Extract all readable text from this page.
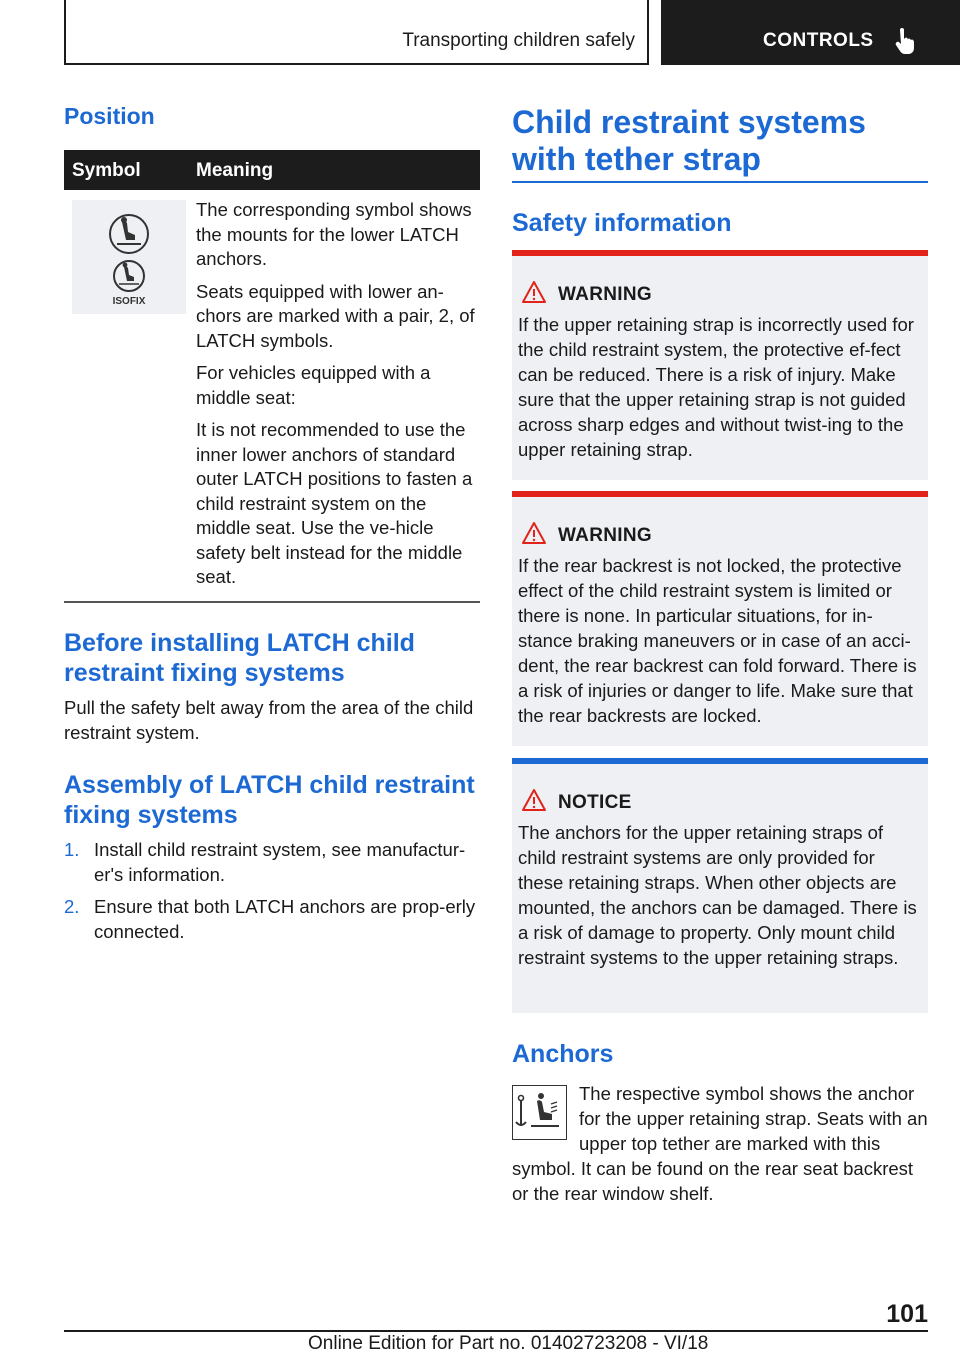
Transporting children safely	CONTROLS
Position
Symbol	Meaning
ISOFIX

The corresponding symbol shows the mounts for the lower LATCH anchors.

Seats equipped with lower an-chors are marked with a pair, 2, of LATCH symbols.

For vehicles equipped with a middle seat:

It is not recommended to use the inner lower anchors of standard outer LATCH positions to fasten a child restraint system on the middle seat. Use the ve-hicle safety belt instead for the middle seat.

Before installing LATCH child restraint fixing systems
Pull the safety belt away from the area of the child restraint system.
Assembly of LATCH child restraint fixing systems
1. Install child restraint system, see manufactur-er's information.
2. Ensure that both LATCH anchors are prop-erly connected.
Child restraint systems with tether strap
Safety information
WARNING
If the upper retaining strap is incorrectly used for the child restraint system, the protective ef-fect can be reduced. There is a risk of injury. Make sure that the upper retaining strap is not guided across sharp edges and without twist-ing to the upper retaining strap.
WARNING
If the rear backrest is not locked, the protective effect of the child restraint system is limited or there is none. In particular situations, for in-stance braking maneuvers or in case of an acci-dent, the rear backrest can fold forward. There is a risk of injuries or danger to life. Make sure that the rear backrests are locked.
NOTICE
The anchors for the upper retaining straps of child restraint systems are only provided for these retaining straps. When other objects are mounted, the anchors can be damaged. There is a risk of damage to property. Only mount child restraint systems to the upper retaining straps.
Anchors
The respective symbol shows the anchor for the upper retaining strap. Seats with an upper top tether are marked with this
symbol. It can be found on the rear seat backrest or the rear window shelf.
101
Online Edition for Part no. 01402723208 - VI/18
